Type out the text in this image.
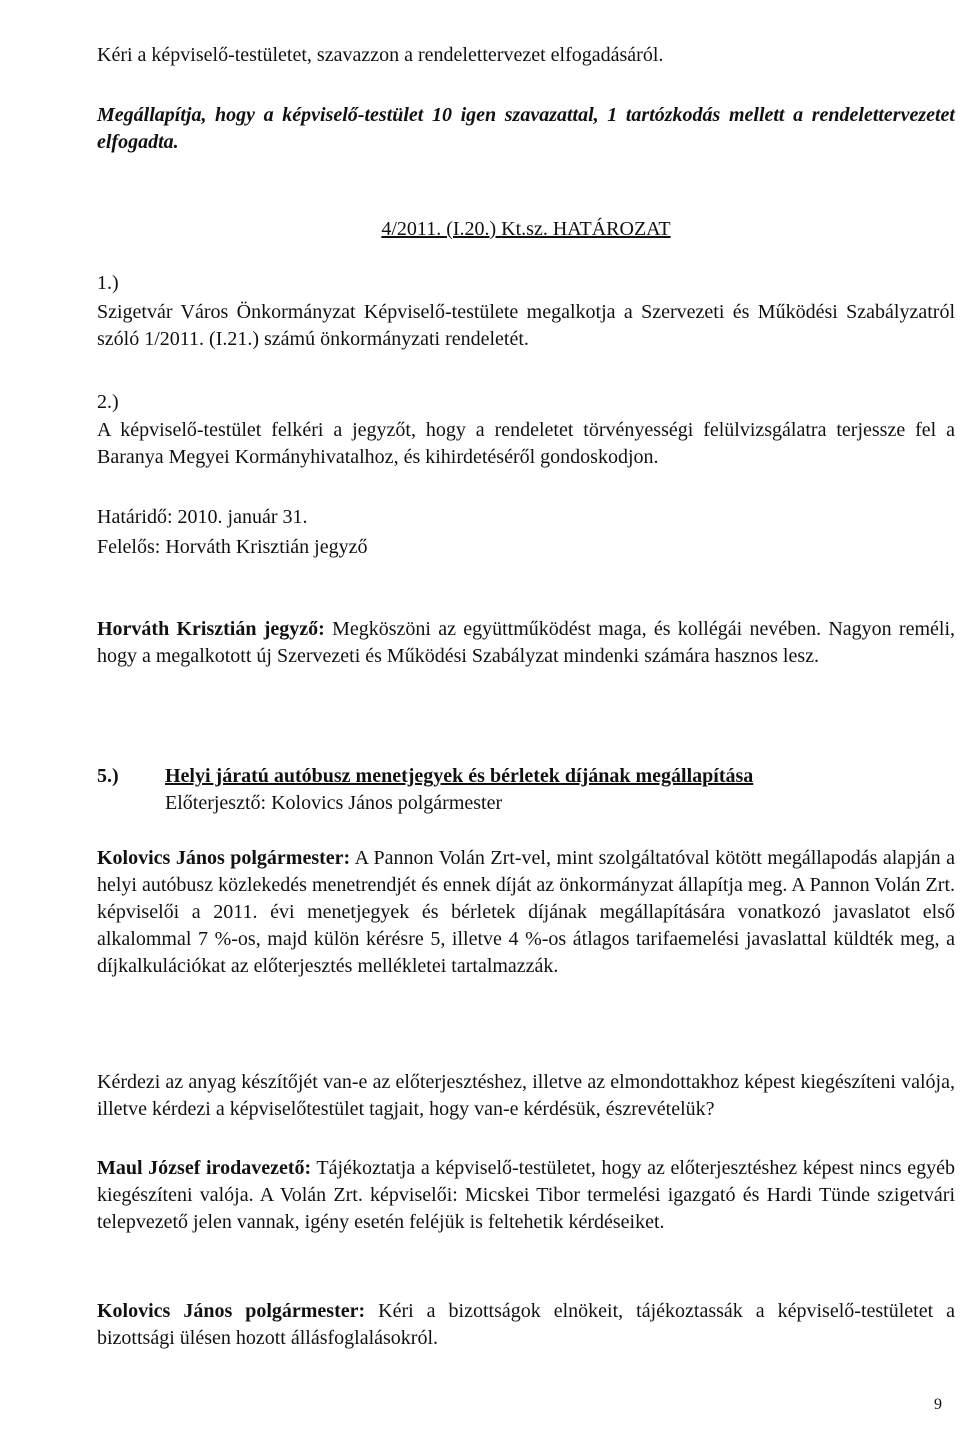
Kéri a képviselő-testületet, szavazzon a rendelettervezet elfogadásáról.

Megállapítja, hogy a képviselő-testület 10 igen szavazattal, 1 tartózkodás mellett a rendelettervezetet elfogadta.

4/2011. (I.20.) Kt.sz. HATÁROZAT
1.)

Szigetvár Város Önkormányzat Képviselő-testülete megalkotja a Szervezeti és Működési Szabályzatról szóló 1/2011. (I.21.) számú önkormányzati rendeletét.

2.)

A képviselő-testület felkéri a jegyzőt, hogy a rendeletet törvényességi felülvizsgálatra terjessze fel a Baranya Megyei Kormányhivatalhoz, és kihirdetéséről gondoskodjon.

Határidő: 2010. január 31.
Felelős: Horváth Krisztián jegyző

Horváth Krisztián jegyző: Megköszöni az együttműködést maga, és kollégái nevében. Nagyon reméli, hogy a megalkotott új Szervezeti és Működési Szabályzat mindenki számára hasznos lesz.

5.) Helyi járatú autóbusz menetjegyek és bérletek díjának megállapítása
Előterjesztő: Kolovics János polgármester

Kolovics János polgármester: A Pannon Volán Zrt-vel, mint szolgáltatóval kötött megállapodás alapján a helyi autóbusz közlekedés menetrendjét és ennek díját az önkormányzat állapítja meg. A Pannon Volán Zrt. képviselői a 2011. évi menetjegyek és bérletek díjának megállapítására vonatkozó javaslatot első alkalommal 7 %-os, majd külön kérésre 5, illetve 4 %-os átlagos tarifaemelési javaslattal küldték meg, a díjkalkulációkat az előterjesztés mellékletei tartalmazzák.

Kérdezi az anyag készítőjét van-e az előterjesztéshez, illetve az elmondottakhoz képest kiegészíteni valója, illetve kérdezi a képviselőtestület tagjait, hogy van-e kérdésük, észrevételük?

Maul József irodavezető: Tájékoztatja a képviselő-testületet, hogy az előterjesztéshez képest nincs egyéb kiegészíteni valója. A Volán Zrt. képviselői: Micskei Tibor termelési igazgató és Hardi Tünde szigetvári telepvezető jelen vannak, igény esetén feléjük is feltehetik kérdéseiket.

Kolovics János polgármester: Kéri a bizottságok elnökeit, tájékoztassák a képviselő-testületet a bizottsági ülésen hozott állásfoglalásokról.

9
